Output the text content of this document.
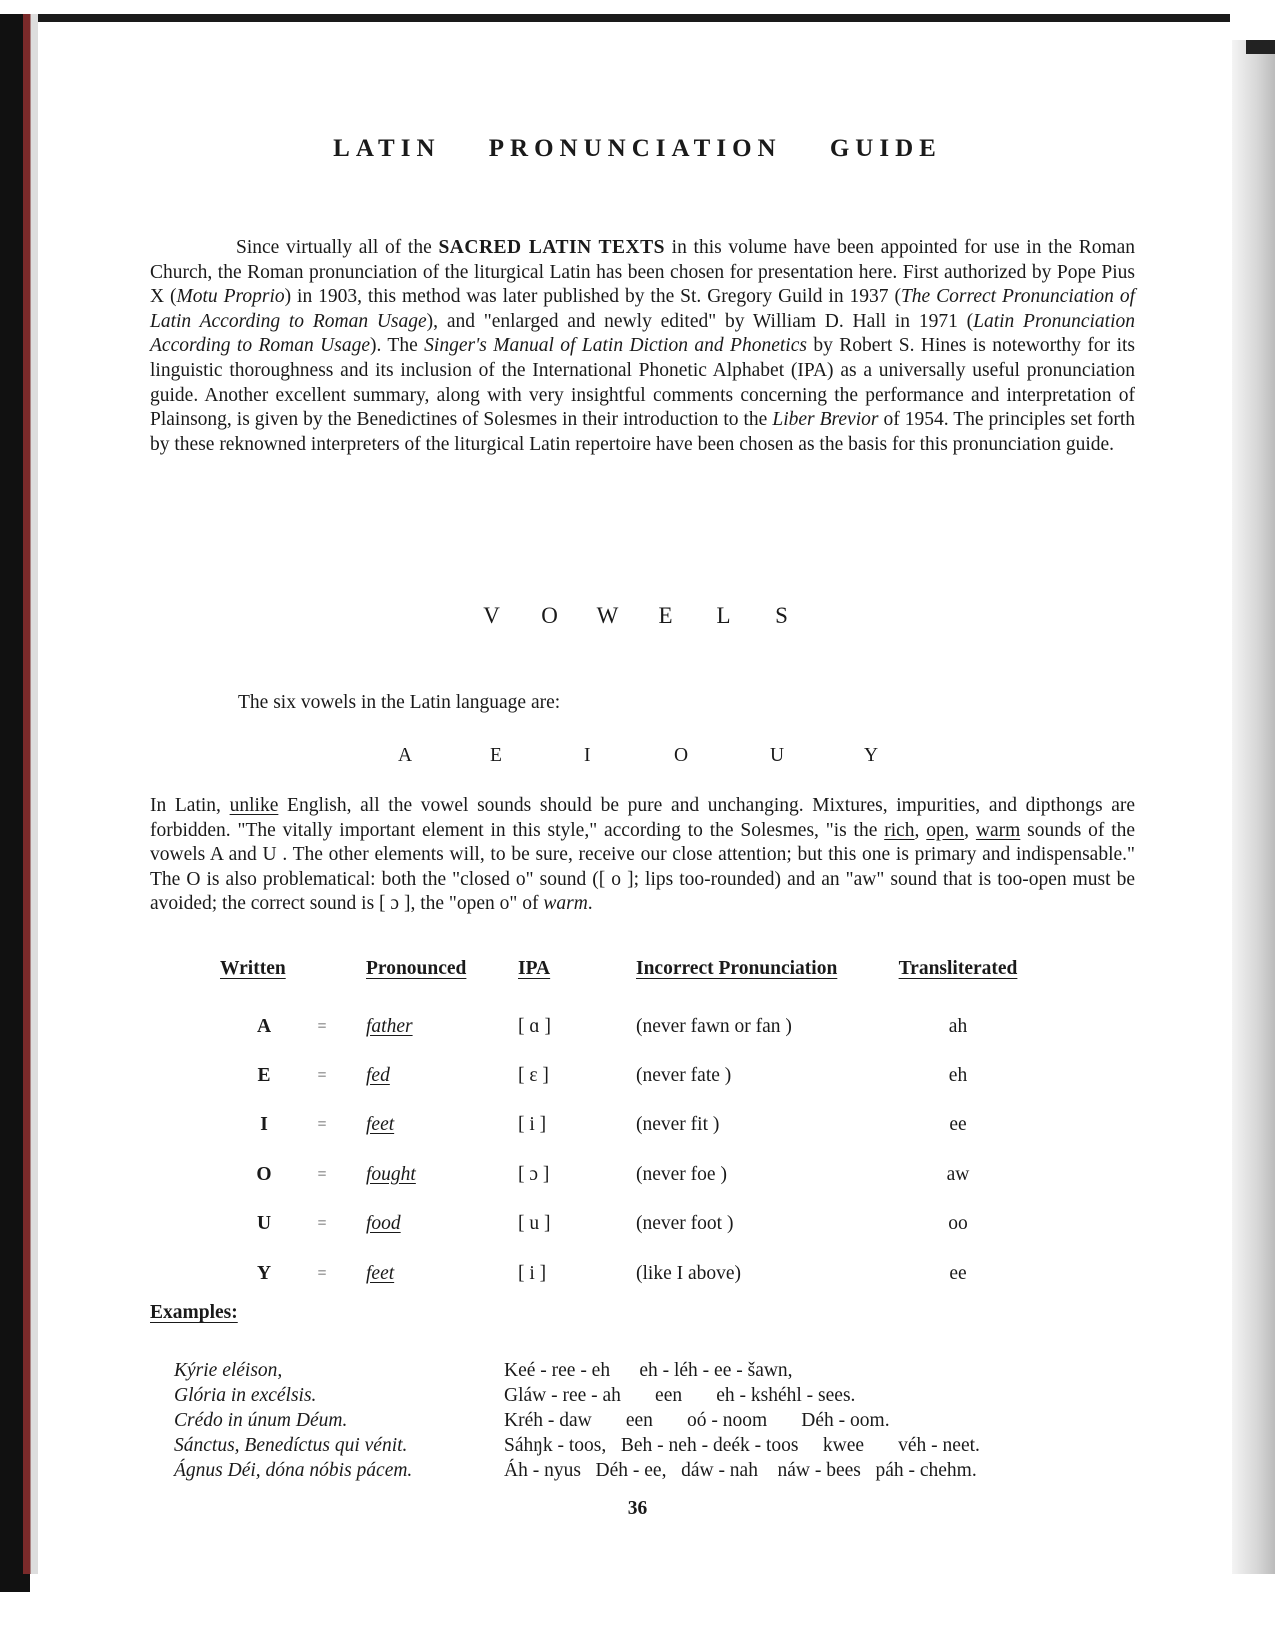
LATIN PRONUNCIATION GUIDE

Since virtually all of the SACRED LATIN TEXTS in this volume have been appointed for use in the Roman Church, the Roman pronunciation of the liturgical Latin has been chosen for presentation here. First authorized by Pope Pius X (Motu Proprio) in 1903, this method was later published by the St. Gregory Guild in 1937 (The Correct Pronunciation of Latin According to Roman Usage), and "enlarged and newly edited" by William D. Hall in 1971 (Latin Pronunciation According to Roman Usage). The Singer's Manual of Latin Diction and Phonetics by Robert S. Hines is noteworthy for its linguistic thoroughness and its inclusion of the International Phonetic Alphabet (IPA) as a universally useful pronunciation guide. Another excellent summary, along with very insightful comments concerning the performance and interpretation of Plainsong, is given by the Benedictines of Solesmes in their introduction to the Liber Brevior of 1954. The principles set forth by these reknowned interpreters of the liturgical Latin repertoire have been chosen as the basis for this pronunciation guide.

V O W E L S
The six vowels in the Latin language are:
A	E	I	O	U	Y

In Latin, unlike English, all the vowel sounds should be pure and unchanging. Mixtures, impurities, and dipthongs are forbidden. "The vitally important element in this style," according to the Solesmes, "is the rich, open, warm sounds of the vowels A and U . The other elements will, to be sure, receive our close attention; but this one is primary and indispensable." The O is also problematical: both the "closed o" sound ([ o ]; lips too-rounded) and an "aw" sound that is too-open must be avoided; the correct sound is [ ɔ ], the "open o" of warm.

Written		Pronounced	IPA	Incorrect Pronunciation	Transliterated
A	=	father	[ ɑ ]	(never fawn or fan )	ah
E	=	fed	[ ɛ ]	(never fate )	eh
I	=	feet	[ i ]	(never fit )	ee
O	=	fought	[ ɔ ]	(never foe )	aw
U	=	food	[ u ]	(never foot )	oo
Y	=	feet	[ i ]	(like I above)	ee
Examples:
Kýrie eléison,	Keé - ree - eh      eh - léh - ee - šawn,
Glória in excélsis.	Gláw - ree - ah       een       eh - kshéhl - sees.
Crédo in únum Déum.	Kréh - daw       een       oó - noom       Déh - oom.
Sánctus, Benedíctus qui vénit.	Sáhŋk - toos,   Beh - neh - deék - toos     kwee       véh - neet.
Ágnus Déi, dóna nóbis pácem.	Áh - nyus   Déh - ee,   dáw - nah    náw - bees   páh - chehm.
36
